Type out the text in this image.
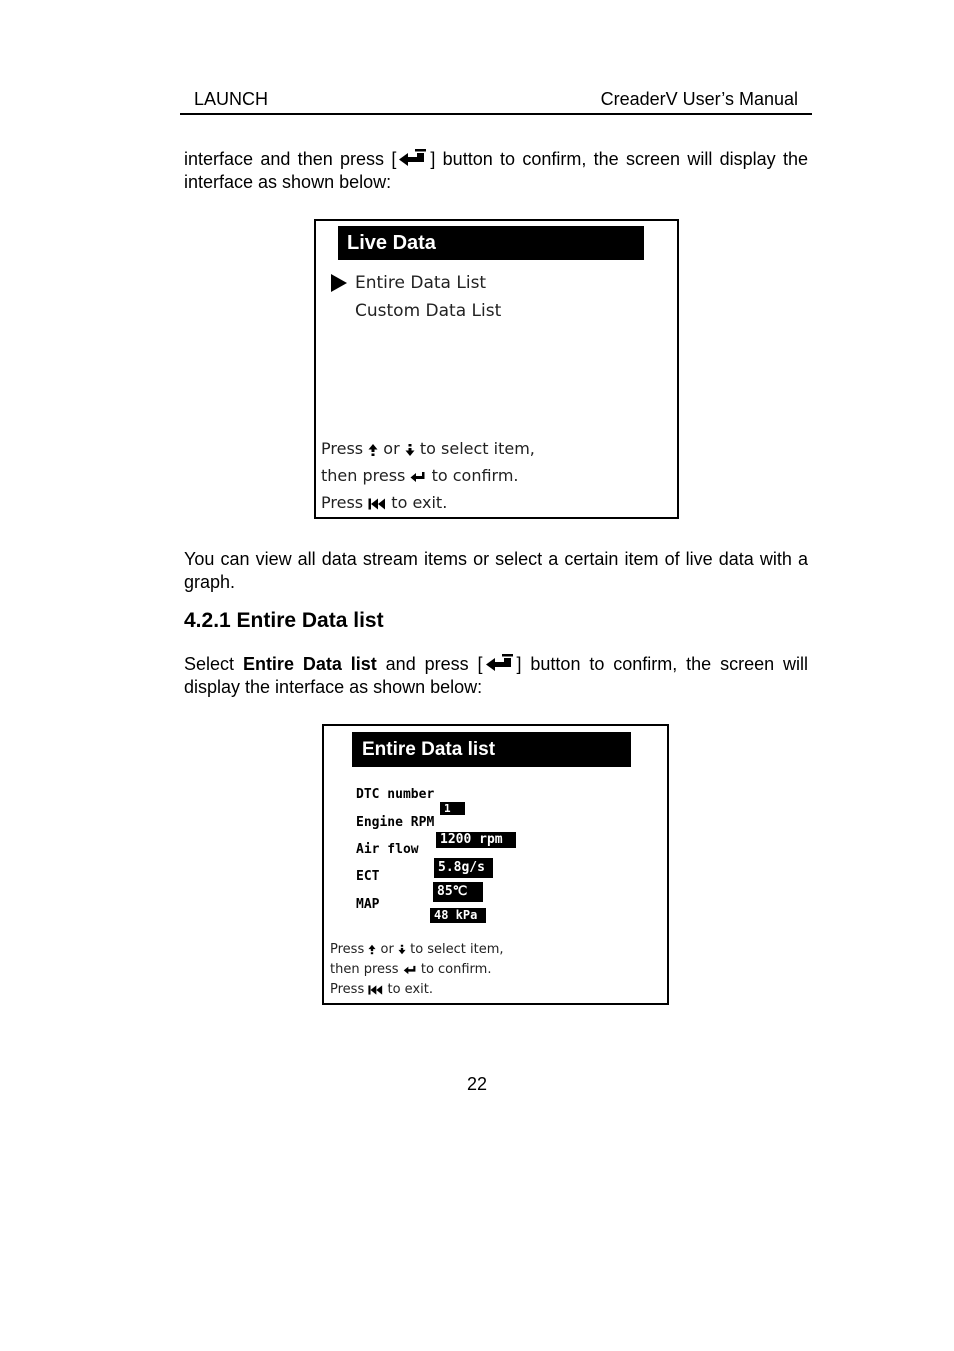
LAUNCH	CreaderV User’s Manual
interface and then press [ ] button to confirm, the screen will display the interface as shown below:
Live Data
Entire Data List
Custom Data List
Press or to select item,
then press to confirm.
Press to exit.
You can view all data stream items or select a certain item of live data with a graph.
4.2.1 Entire Data list
Select Entire Data list and press [ ] button to confirm, the screen will display the interface as shown below:
Entire Data list
DTC number
1
Engine RPM
1200 rpm
Air flow
5.8g/s
ECT
85℃
MAP
48 kPa
Press or to select item,
then press to confirm.
Press to exit.
22
